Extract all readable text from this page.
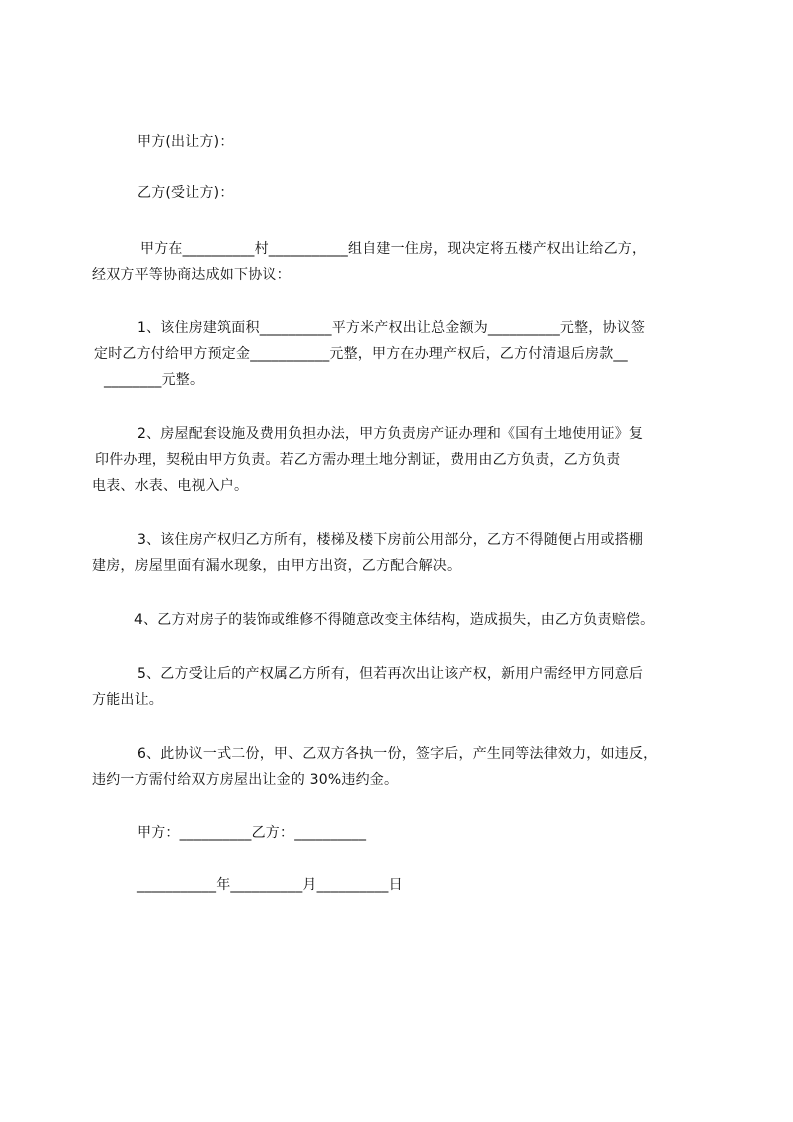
甲方(出让方)：
乙方(受让方)：
甲方在__________村___________组自建一住房，现决定将五楼产权出让给乙方，
经双方平等协商达成如下协议：
1、该住房建筑面积__________平方米产权出让总金额为__________元整，协议签
定时乙方付给甲方预定金___________元整，甲方在办理产权后，乙方付清退后房款__
________元整。
2、房屋配套设施及费用负担办法，甲方负责房产证办理和《国有土地使用证》复
印件办理，契税由甲方负责。若乙方需办理土地分割证，费用由乙方负责，乙方负责
电表、水表、电视入户。
3、该住房产权归乙方所有，楼梯及楼下房前公用部分，乙方不得随便占用或搭棚
建房，房屋里面有漏水现象，由甲方出资，乙方配合解决。
4、乙方对房子的装饰或维修不得随意改变主体结构，造成损失，由乙方负责赔偿。
5、乙方受让后的产权属乙方所有，但若再次出让该产权，新用户需经甲方同意后
方能出让。
6、此协议一式二份，甲、乙双方各执一份，签字后，产生同等法律效力，如违反，
违约一方需付给双方房屋出让金的 30%违约金。
甲方：__________乙方：__________
___________年__________月__________日
